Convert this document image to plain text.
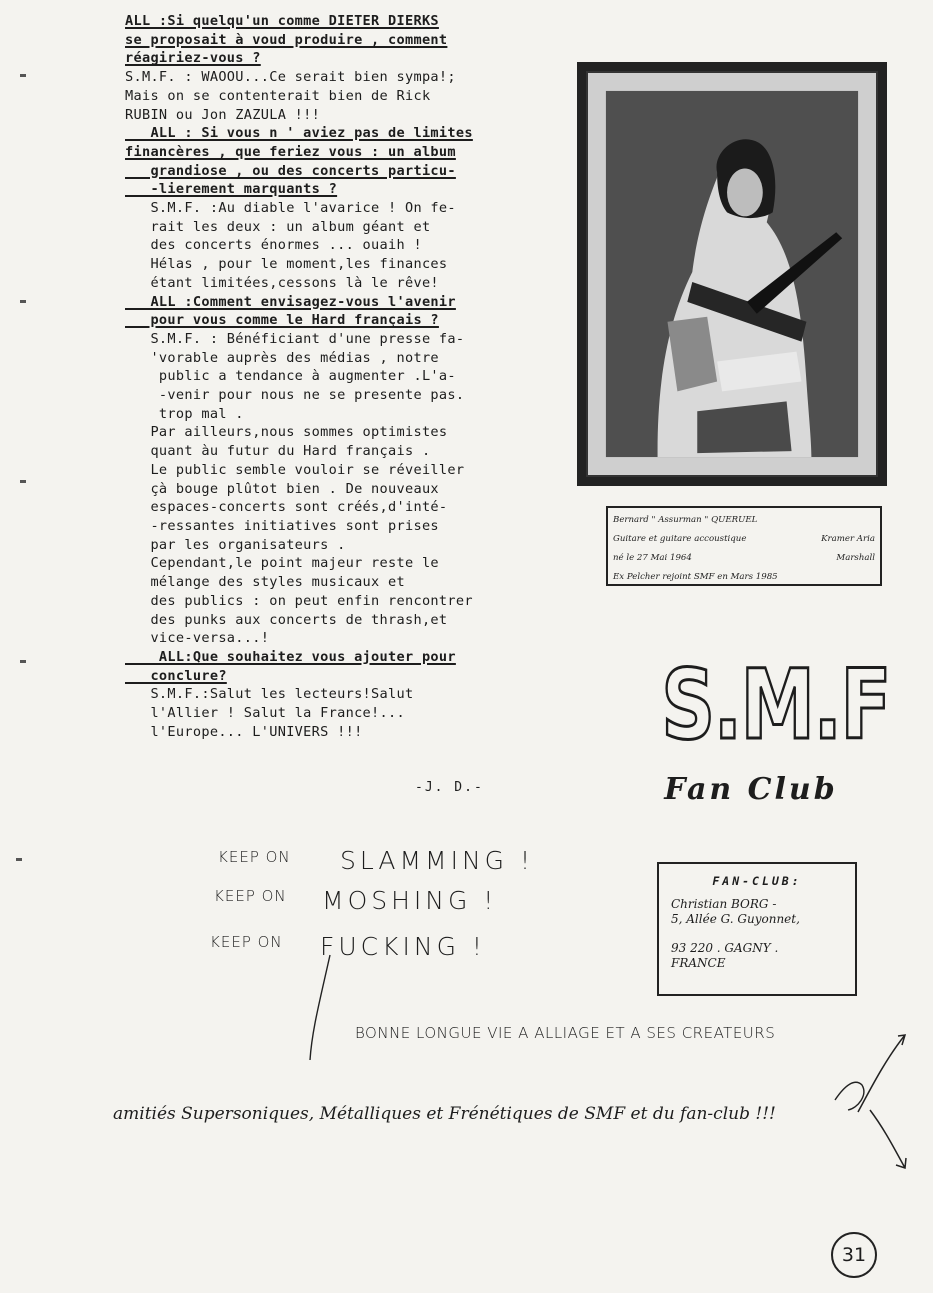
ALL :Si quelqu'un comme DIETER DIERKS
se proposait à voud produire , comment
réagiriez-vous ?
S.M.F. : WAOOU...Ce serait bien sympa!;
Mais on se contenterait bien de Rick
RUBIN ou Jon ZAZULA !!!
ALL : Si vous n ' aviez pas de limites
financères , que feriez vous : un album
grandiose , ou des concerts particu-
-lierement marquants ?
S.M.F. :Au diable l'avarice ! On fe-
rait les deux : un album géant et
des concerts énormes ... ouaih !
Hélas , pour le moment,les finances
étant limitées,cessons là le rêve!
ALL :Comment envisagez-vous l'avenir
pour vous comme le Hard français ?
S.M.F. : Bénéficiant d'une presse fa-
'vorable auprès des médias , notre
public a tendance à augmenter .L'a-
-venir pour nous ne se presente pas.
trop mal .
Par ailleurs,nous sommes optimistes
quant àu futur du Hard français .
Le public semble vouloir se réveiller
çà bouge plûtot bien . De nouveaux
espaces-concerts sont créés,d'inté-
-ressantes initiatives sont prises
par les organisateurs .
Cependant,le point majeur reste le
mélange des styles musicaux et
des publics : on peut enfin rencontrer
des punks aux concerts de thrash,et
vice-versa...!
ALL:Que souhaitez vous ajouter pour
conclure?
S.M.F.:Salut les lecteurs!Salut
l'Allier ! Salut la France!...
l'Europe... L'UNIVERS !!!
-J. D.-
Bernard " Assurman " QUERUEL
Guitare et guitare accoustique	Kramer Aria
né le 27 Mai 1964	Marshall
Ex Pelcher rejoint SMF en Mars 1985
S.M.F
Fan Club
FAN-CLUB:
Christian BORG -
5, Allée G. Guyonnet,
93 220 . GAGNY .
FRANCE
KEEP ON SLAMMING !
KEEP ON MOSHING !
KEEP ON FUCKING !
BONNE LONGUE VIE A ALLIAGE ET A SES CREATEURS
amitiés Supersoniques, Métalliques et Frénétiques de SMF et du fan-club !!!
31
